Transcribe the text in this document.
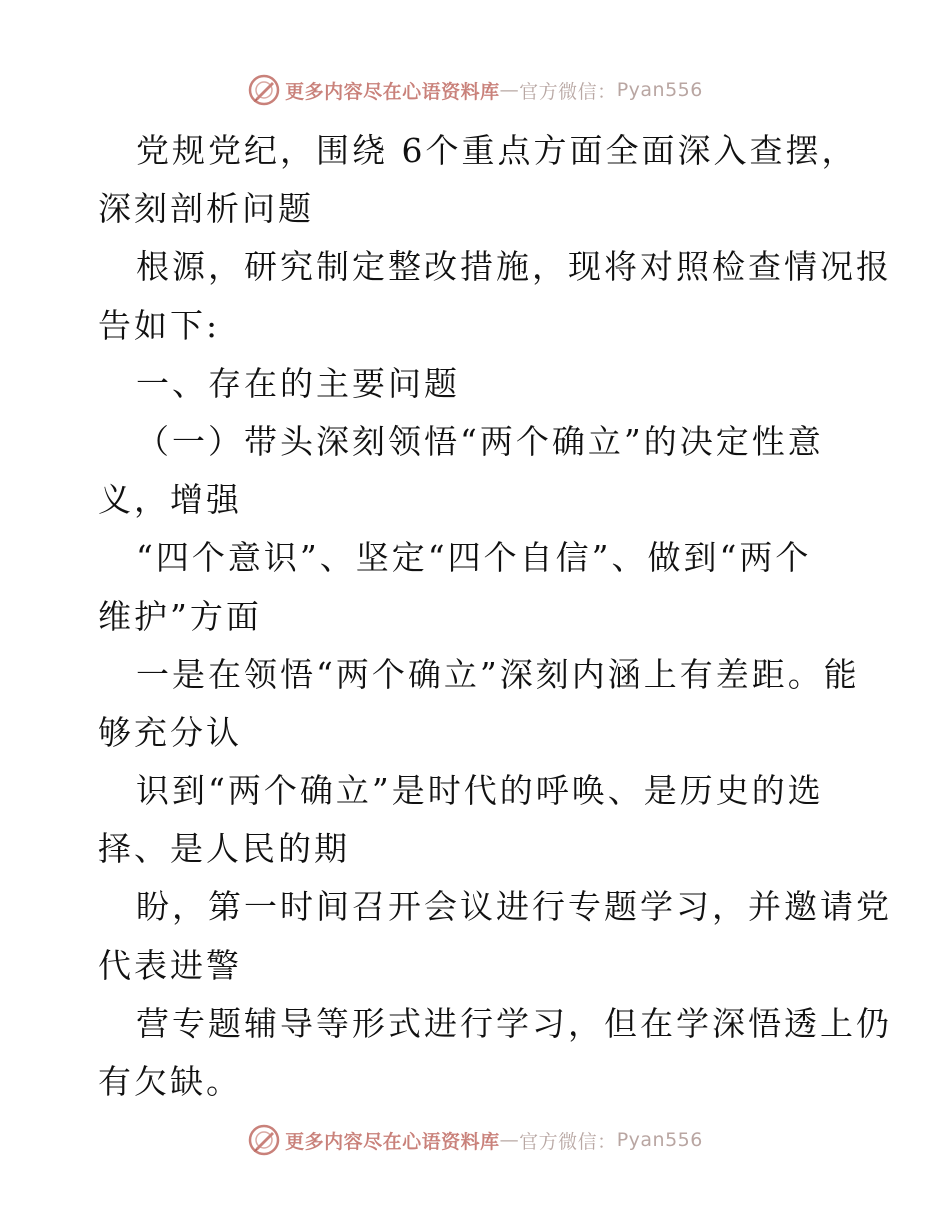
更多内容尽在心语资料库 — 官方微信： Pyan556
党规党纪，围绕 6个重点方面全面深入查摆，
深刻剖析问题
根源，研究制定整改措施，现将对照检查情况报
告如下:
一、存在的主要问题
（一）带头深刻领悟“两个确立”的决定性意
义，增强
“四个意识”、坚定“四个自信”、做到“两个
维护”方面
一是在领悟“两个确立”深刻内涵上有差距。能
够充分认
识到“两个确立”是时代的呼唤、是历史的选
择、是人民的期
盼，第一时间召开会议进行专题学习，并邀请党
代表进警
营专题辅导等形式进行学习，但在学深悟透上仍
有欠缺。
更多内容尽在心语资料库 — 官方微信： Pyan556
